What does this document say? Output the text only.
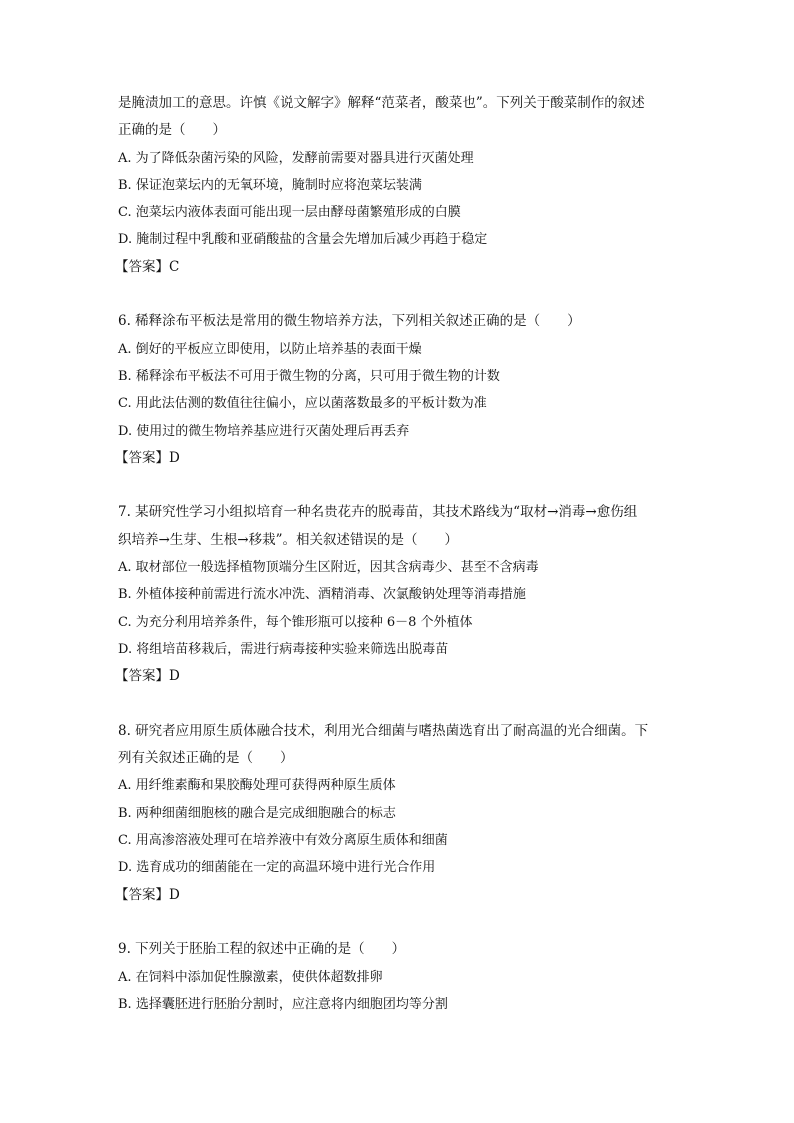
是腌渍加工的意思。许慎《说文解字》解释“范菜者，酸菜也”。下列关于酸菜制作的叙述
正确的是（　　）
A. 为了降低杂菌污染的风险，发酵前需要对器具进行灭菌处理
B. 保证泡菜坛内的无氧环境，腌制时应将泡菜坛装满
C. 泡菜坛内液体表面可能出现一层由酵母菌繁殖形成的白膜
D. 腌制过程中乳酸和亚硝酸盐的含量会先增加后减少再趋于稳定
【答案】C
6. 稀释涂布平板法是常用的微生物培养方法，下列相关叙述正确的是（　　）
A. 倒好的平板应立即使用，以防止培养基的表面干燥
B. 稀释涂布平板法不可用于微生物的分离，只可用于微生物的计数
C. 用此法估测的数值往往偏小，应以菌落数最多的平板计数为准
D. 使用过的微生物培养基应进行灭菌处理后再丢弃
【答案】D
7. 某研究性学习小组拟培育一种名贵花卉的脱毒苗，其技术路线为“取材→消毒→愈伤组
织培养→生芽、生根→移栽”。相关叙述错误的是（　　）
A. 取材部位一般选择植物顶端分生区附近，因其含病毒少、甚至不含病毒
B. 外植体接种前需进行流水冲洗、酒精消毒、次氯酸钠处理等消毒措施
C. 为充分利用培养条件，每个锥形瓶可以接种 6－8 个外植体
D. 将组培苗移栽后，需进行病毒接种实验来筛选出脱毒苗
【答案】D
8. 研究者应用原生质体融合技术，利用光合细菌与嗜热菌选育出了耐高温的光合细菌。下
列有关叙述正确的是（　　）
A. 用纤维素酶和果胶酶处理可获得两种原生质体
B. 两种细菌细胞核的融合是完成细胞融合的标志
C. 用高渗溶液处理可在培养液中有效分离原生质体和细菌
D. 选育成功的细菌能在一定的高温环境中进行光合作用
【答案】D
9. 下列关于胚胎工程的叙述中正确的是（　　）
A. 在饲料中添加促性腺激素，使供体超数排卵
B. 选择囊胚进行胚胎分割时，应注意将内细胞团均等分割
